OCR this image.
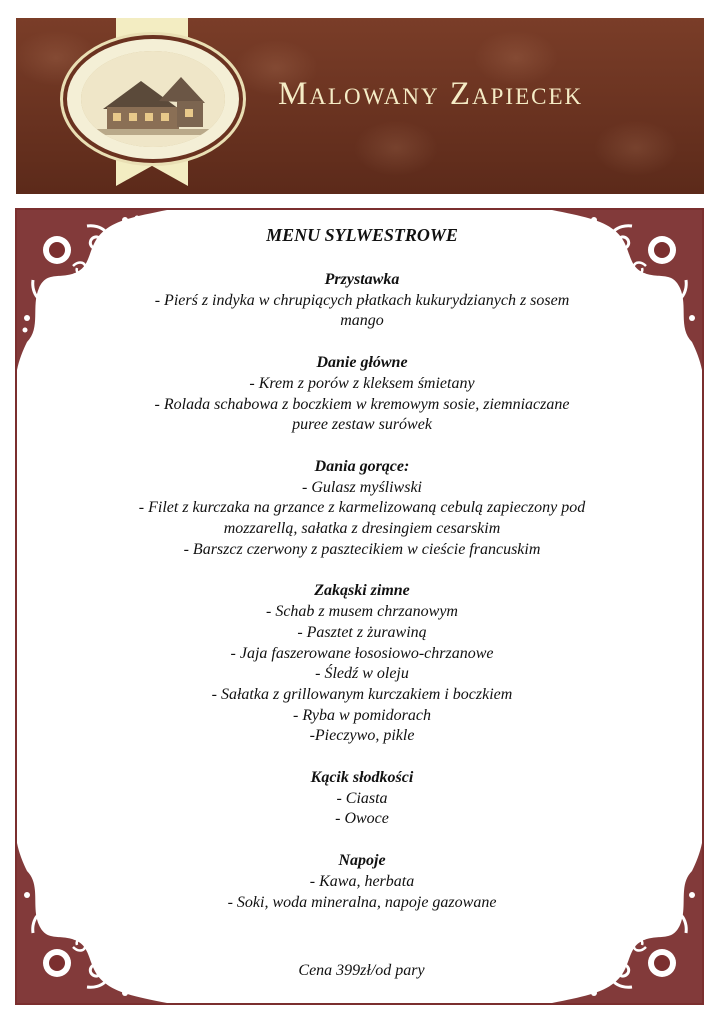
Malowany Zapiecek
MENU SYLWESTROWE
Przystawka
- Pierś z indyka w chrupiących płatkach kukurydzianych z sosem
mango
Danie główne
- Krem z porów z kleksem śmietany
- Rolada schabowa z boczkiem w kremowym sosie, ziemniaczane
puree zestaw surówek
Dania gorące:
- Gulasz myśliwski
- Filet z kurczaka na grzance z karmelizowaną cebulą zapieczony pod
mozzarellą, sałatka z dresingiem cesarskim
- Barszcz czerwony z pasztecikiem w cieście francuskim
Zakąski zimne
- Schab z musem chrzanowym
- Pasztet z żurawiną
- Jaja faszerowane łososiowo-chrzanowe
- Śledź w oleju
- Sałatka z grillowanym kurczakiem i boczkiem
- Ryba w pomidorach
-Pieczywo, pikle
Kącik słodkości
- Ciasta
- Owoce
Napoje
- Kawa, herbata
- Soki, woda mineralna, napoje gazowane
Cena 399zł/od pary
